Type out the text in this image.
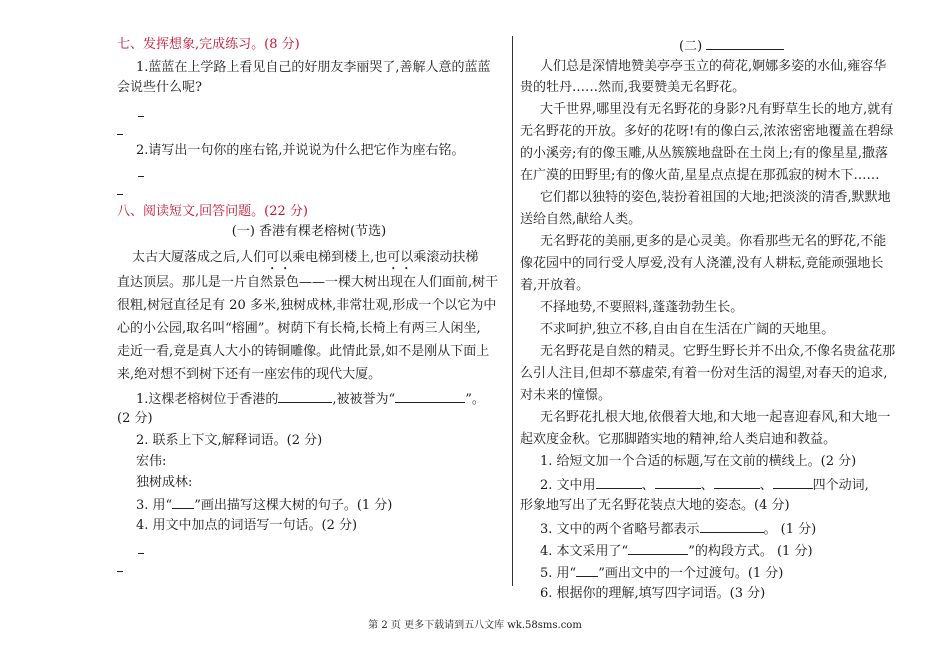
七、发挥想象,完成练习。(8 分)
1.蓝蓝在上学路上看见自己的好朋友李丽哭了,善解人意的蓝蓝
会说些什么呢?
2.请写出一句你的座右铭,并说说为什么把它作为座右铭。
八、阅读短文,回答问题。(22 分)
(一) 香港有棵老榕树(节选)
太古大厦落成之后,人们可以乘电梯到楼上,也可以乘滚动扶梯
直达顶层。那儿是一片自然景色——一棵大树出现在人们面前,树干
很粗,树冠直径足有 20 多米,独树成林,非常壮观,形成一个以它为中
心的小公园,取名叫“榕圃”。树荫下有长椅,长椅上有两三人闲坐,
走近一看,竟是真人大小的铸铜雕像。此情此景,如不是刚从下面上
来,绝对想不到树下还有一座宏伟的现代大厦。
1.这棵老榕树位于香港的	,被被誉为“	”。
(2 分)
2. 联系上下文,解释词语。(2 分)
宏伟:
独树成林:
3. 用“ ”画出描写这棵大树的句子。(1 分)
4. 用文中加点的词语写一句话。(2 分)
(二)
人们总是深情地赞美亭亭玉立的荷花,婀娜多姿的水仙,雍容华
贵的牡丹……然而,我要赞美无名野花。
大千世界,哪里没有无名野花的身影?凡有野草生长的地方,就有
无名野花的开放。多好的花呀!有的像白云,浓浓密密地覆盖在碧绿
的小溪旁;有的像玉雕,从丛簇簇地盘卧在土岗上;有的像星星,撒落
在广漠的田野里;有的像火苗,星星点点提在那孤寂的树木下……
它们都以独特的姿色,装扮着祖国的大地;把淡淡的清香,默默地
送给自然,献给人类。
无名野花的美丽,更多的是心灵美。你看那些无名的野花,不能
像花园中的同行受人厚爱,没有人浇灌,没有人耕耘,竟能顽强地长
着,开放着。
不择地势,不要照料,蓬蓬勃勃生长。
不求呵护,独立不移,自由自在生活在广阔的天地里。
无名野花是自然的精灵。它野生野长并不出众,不像名贵盆花那
么引人注目,但却不慕虚荣,有着一份对生活的渴望,对春天的追求,
对未来的憧憬。
无名野花扎根大地,依偎着大地,和大地一起喜迎春风,和大地一
起欢度金秋。它那脚踏实地的精神,给人类启迪和教益。
1. 给短文加一个合适的标题,写在文前的横线上。(2 分)
2. 文中用	、	、	、	四个动词,
形象地写出了无名野花装点大地的姿态。(4 分)
3. 文中的两个省略号都表示	。 (1 分)
4. 本文采用了“	”的构段方式。 (1 分)
5. 用“ ”画出文中的一个过渡句。(1 分)
6. 根据你的理解,填写四字词语。(3 分)
第 2 页 更多下载请到五八文库 wk.58sms.com
